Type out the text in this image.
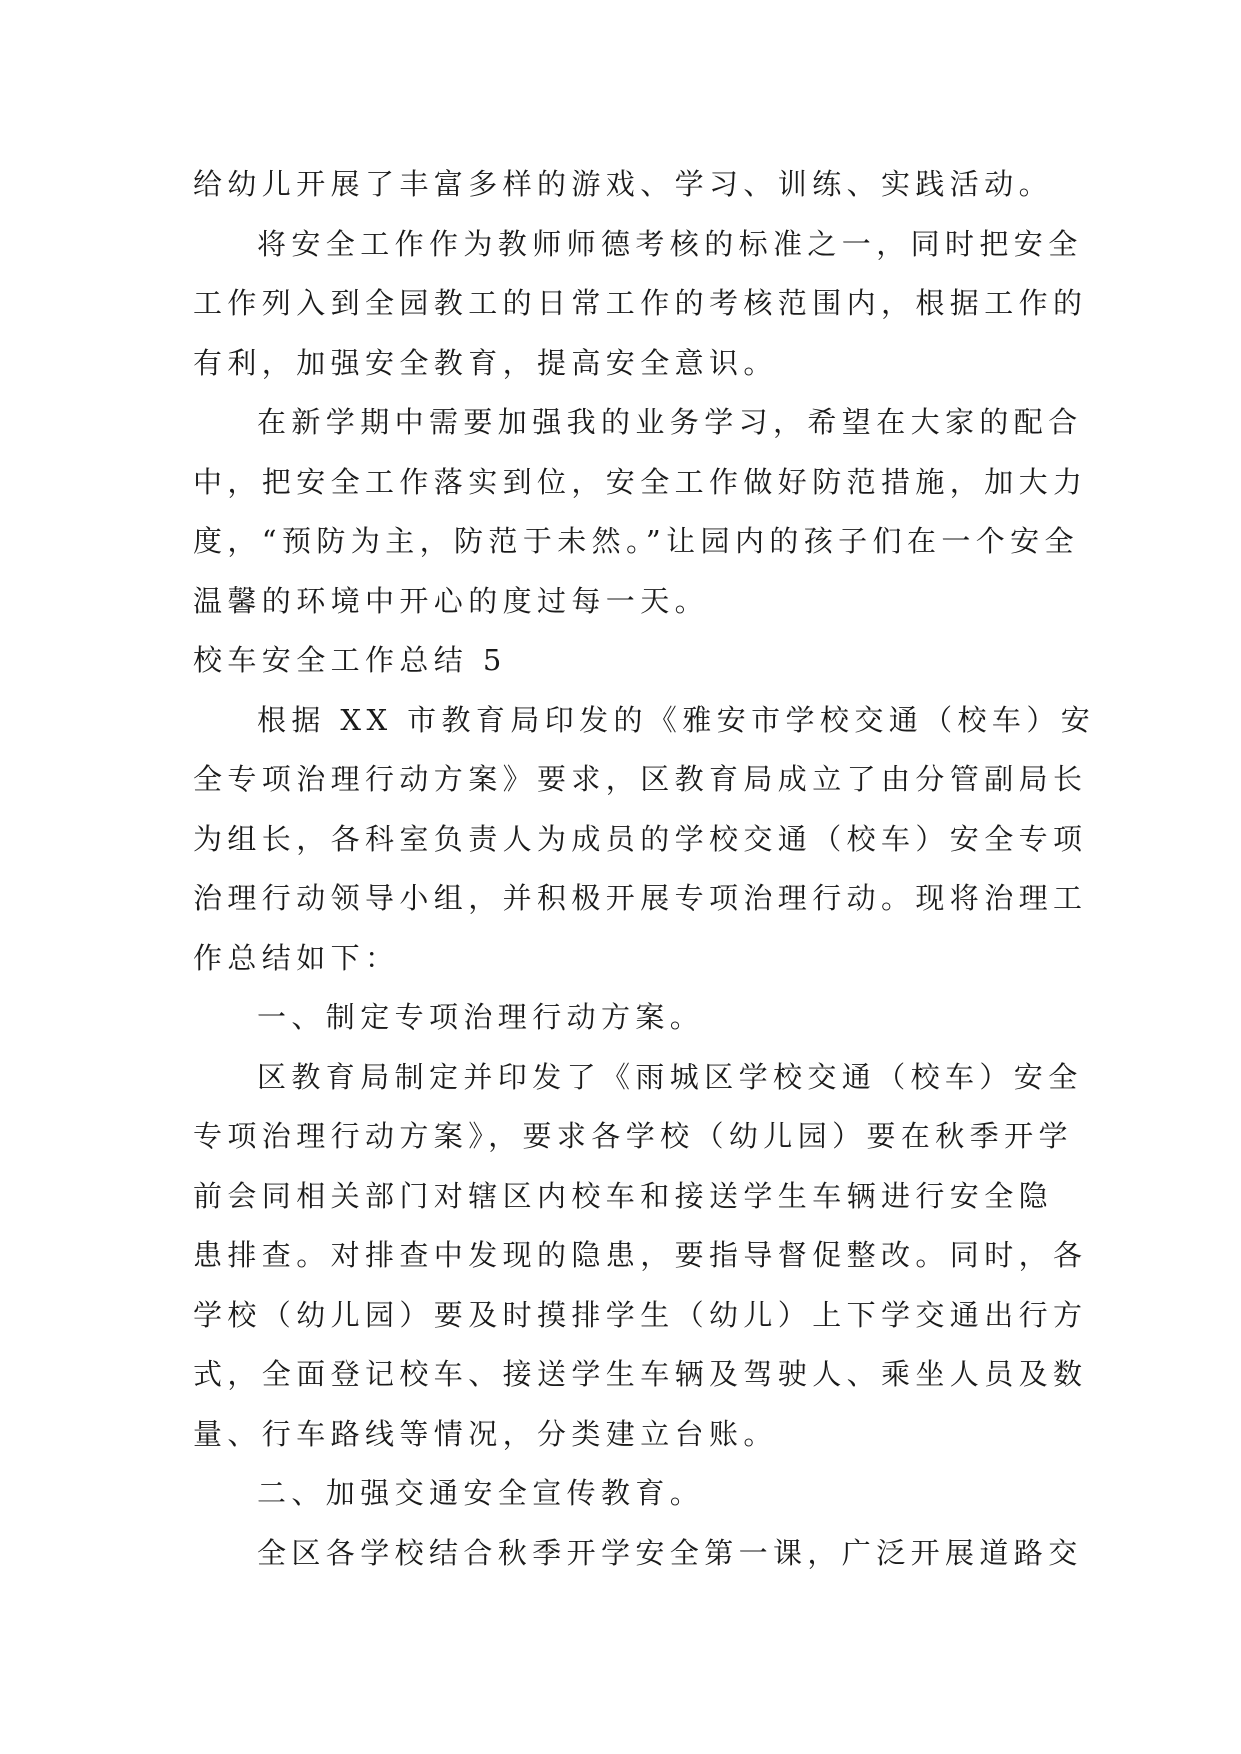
给幼儿开展了丰富多样的游戏、学习、训练、实践活动。
将安全工作作为教师师德考核的标准之一，同时把安全
工作列入到全园教工的日常工作的考核范围内，根据工作的
有利，加强安全教育，提高安全意识。
在新学期中需要加强我的业务学习，希望在大家的配合
中，把安全工作落实到位，安全工作做好防范措施，加大力
度，“预防为主，防范于未然。”让园内的孩子们在一个安全
温馨的环境中开心的度过每一天。
校车安全工作总结 5
根据 XX 市教育局印发的《雅安市学校交通（校车）安
全专项治理行动方案》要求，区教育局成立了由分管副局长
为组长，各科室负责人为成员的学校交通（校车）安全专项
治理行动领导小组，并积极开展专项治理行动。现将治理工
作总结如下：
一、制定专项治理行动方案。
区教育局制定并印发了《雨城区学校交通（校车）安全
专项治理行动方案》，要求各学校（幼儿园）要在秋季开学
前会同相关部门对辖区内校车和接送学生车辆进行安全隐
患排查。对排查中发现的隐患，要指导督促整改。同时，各
学校（幼儿园）要及时摸排学生（幼儿）上下学交通出行方
式，全面登记校车、接送学生车辆及驾驶人、乘坐人员及数
量、行车路线等情况，分类建立台账。
二、加强交通安全宣传教育。
全区各学校结合秋季开学安全第一课，广泛开展道路交
